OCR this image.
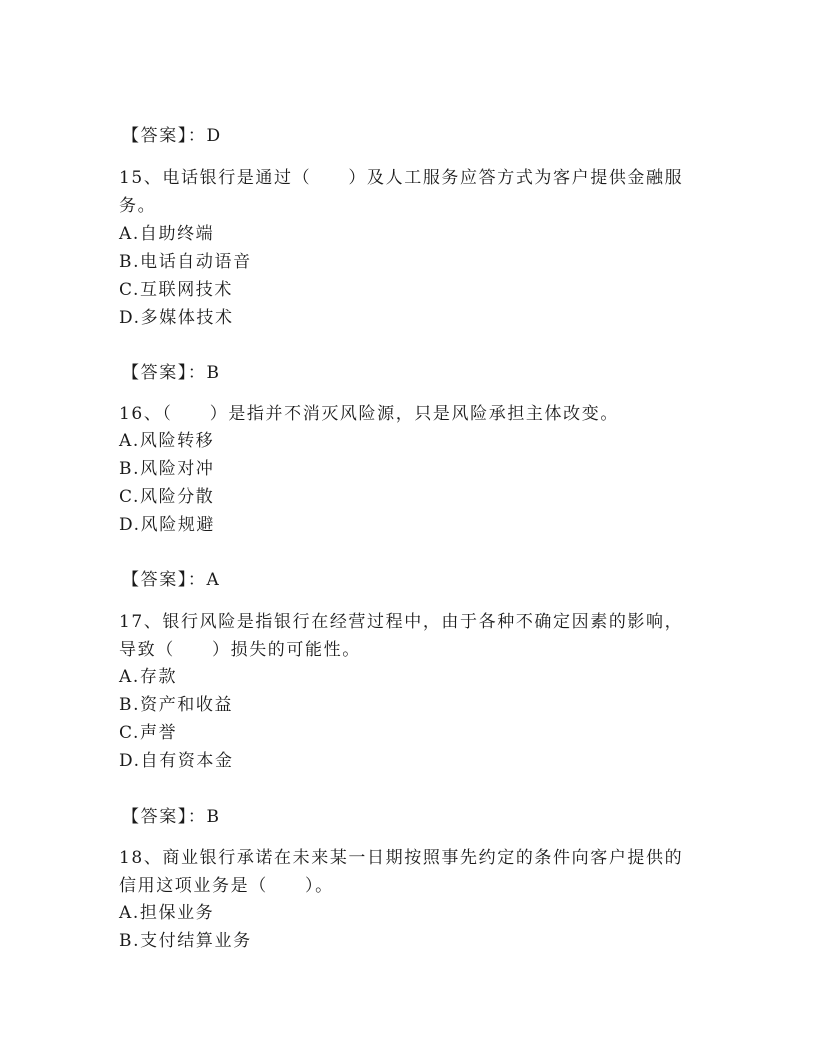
【答案】：D
15、电话银行是通过（　　）及人工服务应答方式为客户提供金融服
务。
A.自助终端
B.电话自动语音
C.互联网技术
D.多媒体技术
【答案】：B
16、（　　）是指并不消灭风险源，只是风险承担主体改变。
A.风险转移
B.风险对冲
C.风险分散
D.风险规避
【答案】：A
17、银行风险是指银行在经营过程中，由于各种不确定因素的影响，
导致（　　）损失的可能性。
A.存款
B.资产和收益
C.声誉
D.自有资本金
【答案】：B
18、商业银行承诺在未来某一日期按照事先约定的条件向客户提供的
信用这项业务是（　　）。
A.担保业务
B.支付结算业务
